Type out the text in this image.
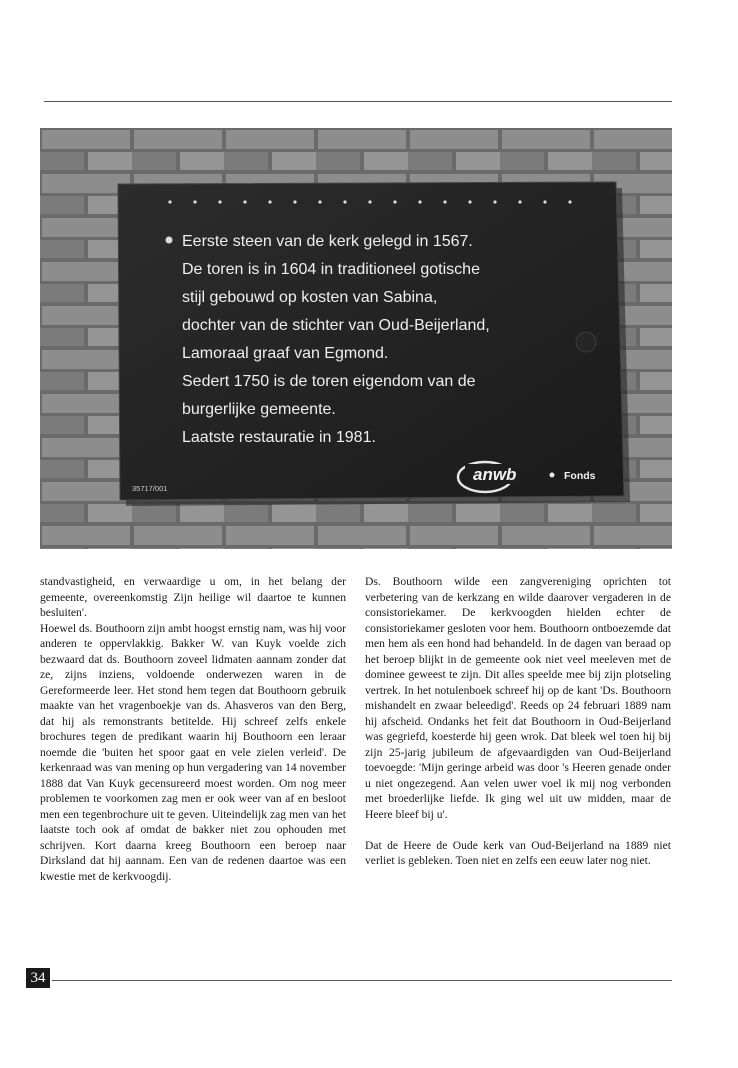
Eerste steen van de kerk gelegd in 1567.
De toren is in 1604 in traditioneel gotische
stijl gebouwd op kosten van Sabina,
dochter van de stichter van Oud-Beijerland,
Lamoraal graaf van Egmond.
Sedert 1750 is de toren eigendom van de
burgerlijke gemeente.
Laatste restauratie in 1981.
35717/001
anwb	Fonds

standvastigheid, en verwaardige u om, in het belang der gemeente, overeenkomstig Zijn heilige wil daartoe te kunnen besluiten'.

Hoewel ds. Bouthoorn zijn ambt hoogst ernstig nam, was hij voor anderen te oppervlakkig. Bakker W. van Kuyk voelde zich bezwaard dat ds. Bouthoorn zoveel lidmaten aannam zonder dat ze, zijns inziens, voldoende onderwezen waren in de Gereformeerde leer. Het stond hem tegen dat Bouthoorn gebruik maakte van het vragenboekje van ds. Ahasveros van den Berg, dat hij als remonstrants betitelde. Hij schreef zelfs enkele brochures tegen de predikant waarin hij Bouthoorn een leraar noemde die 'buiten het spoor gaat en vele zielen verleid'. De kerkenraad was van mening op hun vergadering van 14 november 1888 dat Van Kuyk gecensureerd moest worden. Om nog meer problemen te voorkomen zag men er ook weer van af en besloot men een tegenbrochure uit te geven. Uiteindelijk zag men van het laatste toch ook af omdat de bakker niet zou ophouden met schrijven. Kort daarna kreeg Bouthoorn een beroep naar Dirksland dat hij aannam. Een van de redenen daartoe was een kwestie met de kerkvoogdij.

Ds. Bouthoorn wilde een zangvereniging oprichten tot verbetering van de kerkzang en wilde daarover vergaderen in de consistoriekamer. De kerkvoogden hielden echter de consistoriekamer gesloten voor hem. Bouthoorn ontboezemde dat men hem als een hond had behandeld. In de dagen van beraad op het beroep blijkt in de gemeente ook niet veel meeleven met de dominee geweest te zijn. Dit alles speelde mee bij zijn plotseling vertrek. In het notulenboek schreef hij op de kant 'Ds. Bouthoorn mishandelt en zwaar beleedigd'. Reeds op 24 februari 1889 nam hij afscheid. Ondanks het feit dat Bouthoorn in Oud-Beijerland was gegriefd, koesterde hij geen wrok. Dat bleek wel toen hij bij zijn 25-jarig jubileum de afgevaardigden van Oud-Beijerland toevoegde: 'Mijn geringe arbeid was door 's Heeren genade onder u niet ongezegend. Aan velen uwer voel ik mij nog verbonden met broederlijke liefde. Ik ging wel uit uw midden, maar de Heere bleef bij u'.

Dat de Heere de Oude kerk van Oud-Beijerland na 1889 niet verliet is gebleken. Toen niet en zelfs een eeuw later nog niet.

34
